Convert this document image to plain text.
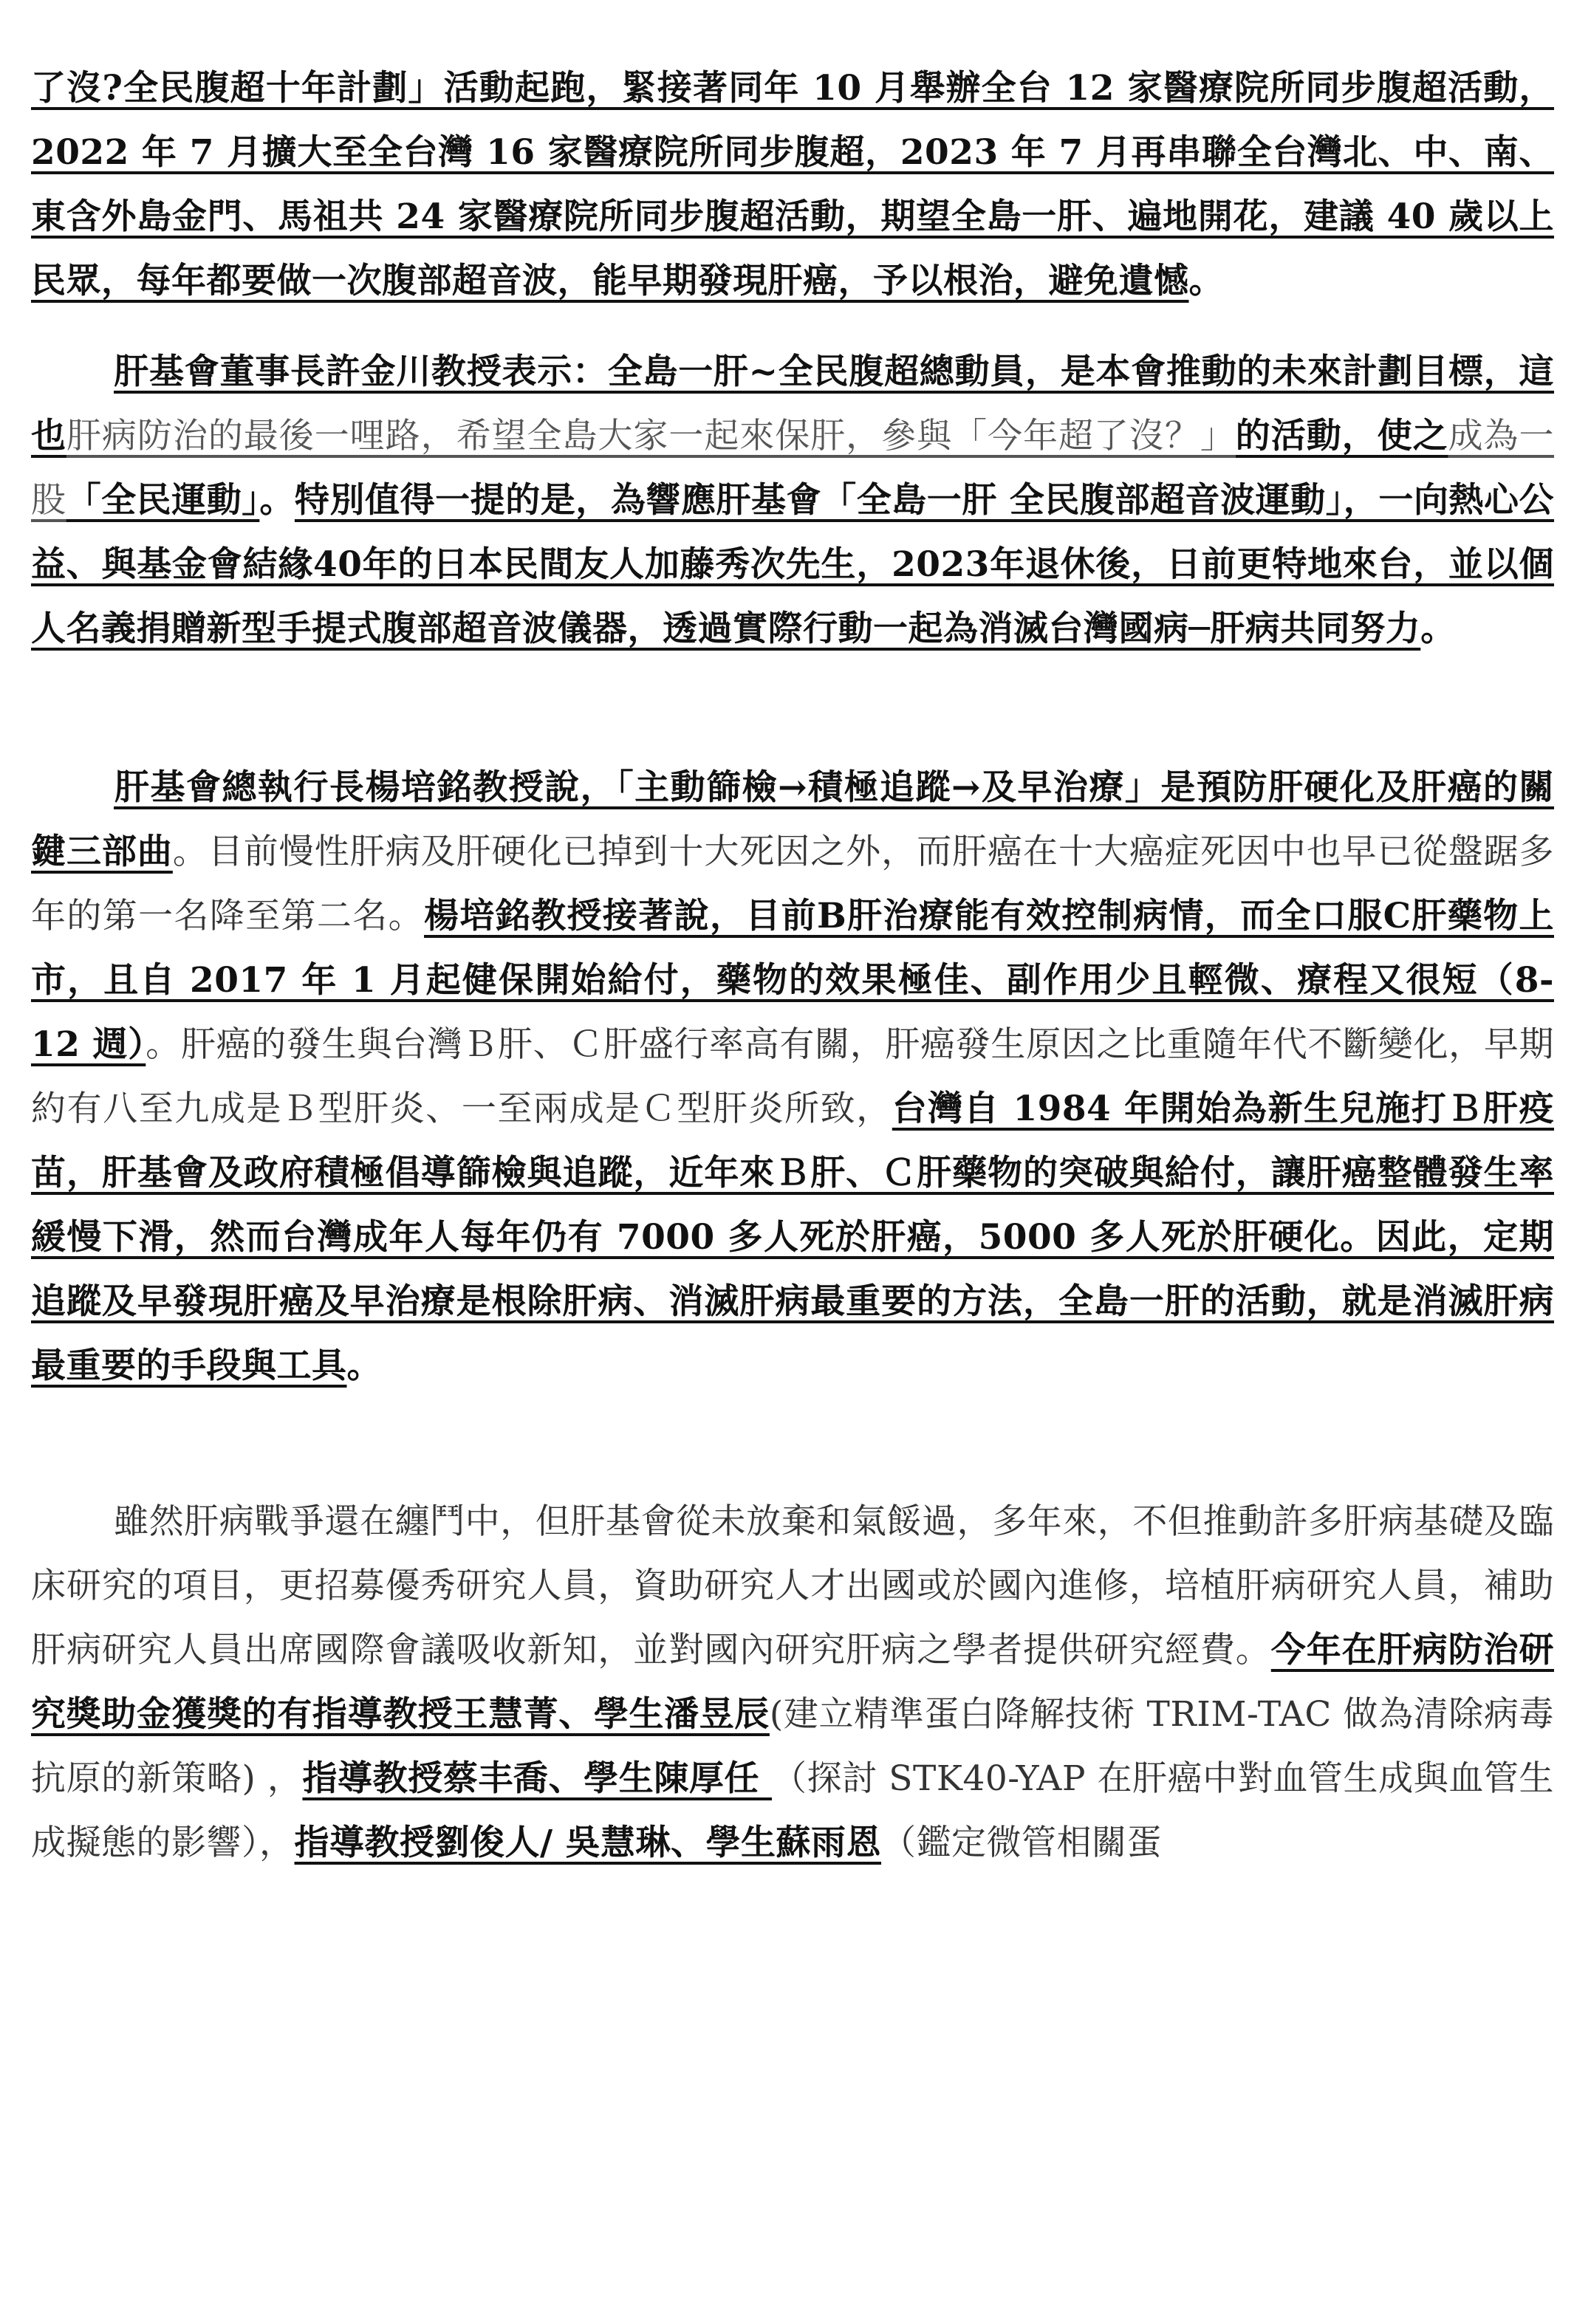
了沒?全民腹超十年計劃」活動起跑，緊接著同年 10 月舉辦全台 12 家醫療院所同步腹超活動，2022 年 7 月擴大至全台灣 16 家醫療院所同步腹超，2023 年 7 月再串聯全台灣北、中、南、東含外島金門、馬祖共 24 家醫療院所同步腹超活動，期望全島一肝、遍地開花，建議 40 歲以上民眾，每年都要做一次腹部超音波，能早期發現肝癌，予以根治，避免遺憾。

肝基會董事長許金川教授表示：全島一肝~全民腹超總動員，是本會推動的未來計劃目標，這也肝病防治的最後一哩路，希望全島大家一起來保肝，參與「今年超了沒？」的活動，使之成為一股「全民運動」。特別值得一提的是，為響應肝基會「全島一肝 全民腹部超音波運動」，一向熱心公益、與基金會結緣40年的日本民間友人加藤秀次先生，2023年退休後，日前更特地來台，並以個人名義捐贈新型手提式腹部超音波儀器，透過實際行動一起為消滅台灣國病─肝病共同努力。

肝基會總執行長楊培銘教授說，「主動篩檢→積極追蹤→及早治療」是預防肝硬化及肝癌的關鍵三部曲。目前慢性肝病及肝硬化已掉到十大死因之外，而肝癌在十大癌症死因中也早已從盤踞多年的第一名降至第二名。楊培銘教授接著說，目前B肝治療能有效控制病情，而全口服C肝藥物上市，且自 2017 年 1 月起健保開始給付，藥物的效果極佳、副作用少且輕微、療程又很短（8-12 週）。肝癌的發生與台灣Ｂ肝、Ｃ肝盛行率高有關，肝癌發生原因之比重隨年代不斷變化，早期約有八至九成是Ｂ型肝炎、一至兩成是Ｃ型肝炎所致，台灣自 1984 年開始為新生兒施打Ｂ肝疫苗，肝基會及政府積極倡導篩檢與追蹤，近年來Ｂ肝、Ｃ肝藥物的突破與給付，讓肝癌整體發生率緩慢下滑，然而台灣成年人每年仍有 7000 多人死於肝癌，5000 多人死於肝硬化。因此，定期追蹤及早發現肝癌及早治療是根除肝病、消滅肝病最重要的方法，全島一肝的活動，就是消滅肝病最重要的手段與工具。

雖然肝病戰爭還在纏鬥中，但肝基會從未放棄和氣餒過，多年來，不但推動許多肝病基礎及臨床研究的項目，更招募優秀研究人員，資助研究人才出國或於國內進修，培植肝病研究人員，補助肝病研究人員出席國際會議吸收新知，並對國內研究肝病之學者提供研究經費。今年在肝病防治研究獎助金獲獎的有指導教授王慧菁、學生潘昱辰(建立精準蛋白降解技術 TRIM-TAC 做為清除病毒抗原的新策略) ，指導教授蔡丰喬、學生陳厚任 （探討 STK40-YAP 在肝癌中對血管生成與血管生成擬態的影響），指導教授劉俊人/ 吳慧琳、學生蘇雨恩（鑑定微管相關蛋
